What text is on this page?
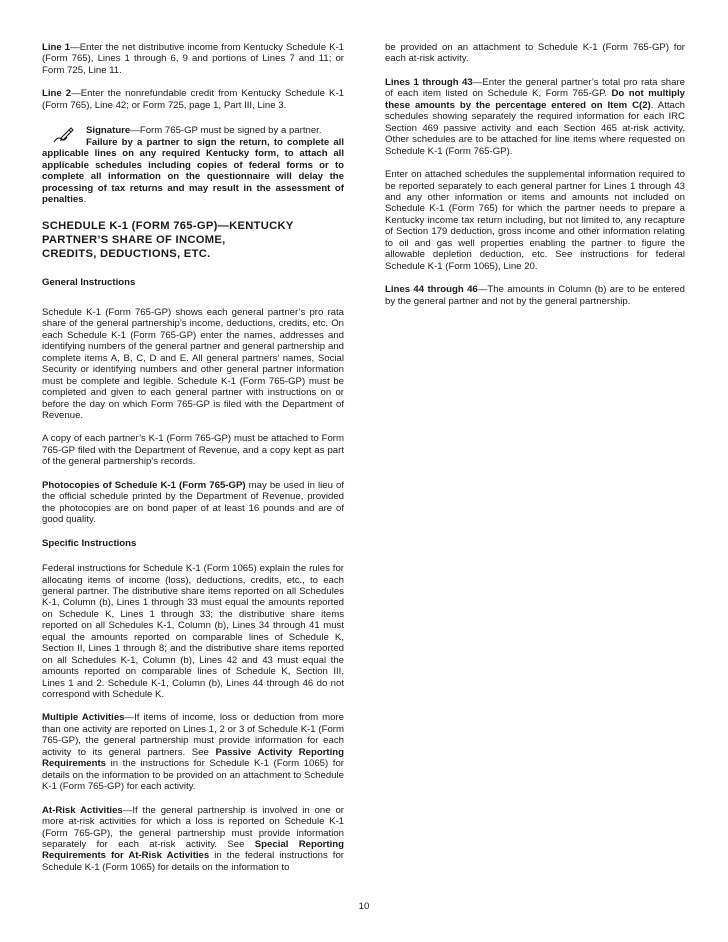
Line 1—Enter the net distributive income from Kentucky Schedule K-1 (Form 765), Lines 1 through 6, 9 and portions of Lines 7 and 11; or Form 725, Line 11.

Line 2—Enter the nonrefundable credit from Kentucky Schedule K-1 (Form 765), Line 42; or Form 725, page 1, Part III, Line 3.

Signature—Form 765-GP must be signed by a partner.
Failure by a partner to sign the return, to complete all applicable lines on any required Kentucky form, to attach all applicable schedules including copies of federal forms or to complete all information on the questionnaire will delay the processing of tax returns and may result in the assessment of penalties.
SCHEDULE K-1 (FORM 765-GP)—KENTUCKY
PARTNER’S SHARE OF INCOME,
CREDITS, DEDUCTIONS, ETC.
General Instructions

Schedule K-1 (Form 765-GP) shows each general partner’s pro rata share of the general partnership’s income, deductions, credits, etc. On each Schedule K-1 (Form 765-GP) enter the names, addresses and identifying numbers of the general partner and general partnership and complete items A, B, C, D and E. All general partners’ names, Social Security or identifying numbers and other general partner information must be complete and legible. Schedule K-1 (Form 765-GP) must be completed and given to each general partner with instructions on or before the day on which Form 765-GP is filed with the Department of Revenue.

A copy of each partner’s K-1 (Form 765-GP) must be attached to Form 765-GP filed with the Department of Revenue, and a copy kept as part of the general partnership’s records.

Photocopies of Schedule K-1 (Form 765-GP) may be used in lieu of the official schedule printed by the Department of Revenue, provided the photocopies are on bond paper of at least 16 pounds and are of good quality.

Specific Instructions

Federal instructions for Schedule K-1 (Form 1065) explain the rules for allocating items of income (loss), deductions, credits, etc., to each general partner. The distributive share items reported on all Schedules K-1, Column (b), Lines 1 through 33 must equal the amounts reported on Schedule K, Lines 1 through 33; the distributive share items reported on all Schedules K-1, Column (b), Lines 34 through 41 must equal the amounts reported on comparable lines of Schedule K, Section II, Lines 1 through 8; and the distributive share items reported on all Schedules K-1, Column (b), Lines 42 and 43 must equal the amounts reported on comparable lines of Schedule K, Section III, Lines 1 and 2. Schedule K-1, Column (b), Lines 44 through 46 do not correspond with Schedule K.

Multiple Activities—If items of income, loss or deduction from more than one activity are reported on Lines 1, 2 or 3 of Schedule K-1 (Form 765-GP), the general partnership must provide information for each activity to its general partners. See Passive Activity Reporting Requirements in the instructions for Schedule K-1 (Form 1065) for details on the information to be provided on an attachment to Schedule K-1 (Form 765-GP) for each activity.

At-Risk Activities—If the general partnership is involved in one or more at-risk activities for which a loss is reported on Schedule K-1 (Form 765-GP), the general partnership must provide information separately for each at-risk activity. See Special Reporting Requirements for At-Risk Activities in the federal instructions for Schedule K-1 (Form 1065) for details on the information to

be provided on an attachment to Schedule K-1 (Form 765-GP) for each at-risk activity.

Lines 1 through 43—Enter the general partner’s total pro rata share of each item listed on Schedule K, Form 765-GP. Do not multiply these amounts by the percentage entered on Item C(2). Attach schedules showing separately the required information for each IRC Section 469 passive activity and each Section 465 at-risk activity. Other schedules are to be attached for line items where requested on Schedule K-1 (Form 765-GP).

Enter on attached schedules the supplemental information required to be reported separately to each general partner for Lines 1 through 43 and any other information or items and amounts not included on Schedule K-1 (Form 765) for which the partner needs to prepare a Kentucky income tax return including, but not limited to, any recapture of Section 179 deduction, gross income and other information relating to oil and gas well properties enabling the partner to figure the allowable depletion deduction, etc. See instructions for federal Schedule K-1 (Form 1065), Line 20.

Lines 44 through 46—The amounts in Column (b) are to be entered by the general partner and not by the general partnership.

10
